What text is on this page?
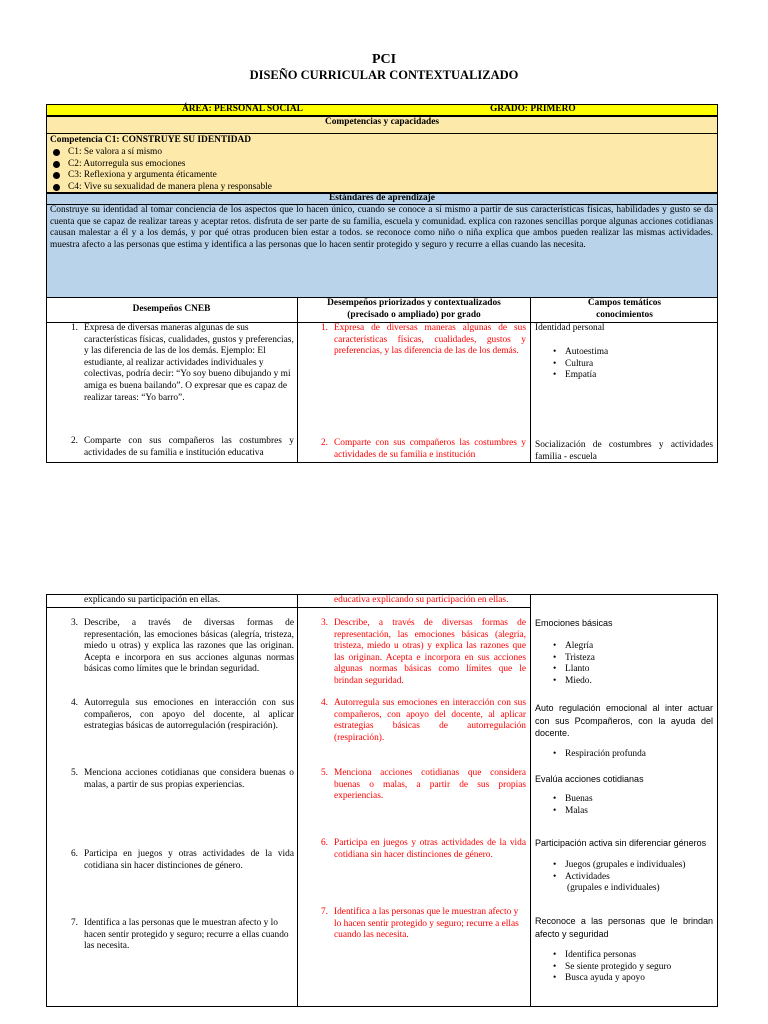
PCI
DISEÑO CURRICULAR CONTEXTUALIZADO
ÁREA: PERSONAL SOCIAL	GRADO: PRIMERO
Competencias y capacidades
Competencia C1: CONSTRUYE SU IDENTIDAD
C1: Se valora a sí mismo
C2: Autorregula sus emociones
C3: Reflexiona y argumenta éticamente
C4: Vive su sexualidad de manera plena y responsable
Estándares de aprendizaje
Construye su identidad al tomar conciencia de los aspectos que lo hacen único, cuando se conoce a sí mismo a partir de sus características físicas, habilidades y gusto se da cuenta que se capaz de realizar tareas y aceptar retos. disfruta de ser parte de su familia, escuela y comunidad. explica con razones sencillas porque algunas acciones cotidianas causan malestar a él y a los demás, y por qué otras producen bien estar a todos. se reconoce como niño o niña explica que ambos pueden realizar las mismas actividades. muestra afecto a las personas que estima y identifica a las personas que lo hacen sentir protegido y seguro y recurre a ellas cuando las necesita.
Desempeños CNEB
Desempeños priorizados y contextualizados
(precisado o ampliado) por grado
Campos temáticos
conocimientos
1. Expresa de diversas maneras algunas de sus características físicas, cualidades, gustos y preferencias, y las diferencia de las de los demás. Ejemplo: El estudiante, al realizar actividades individuales y colectivas, podría decir: “Yo soy bueno dibujando y mi amiga es buena bailando”. O expresar que es capaz de realizar tareas: “Yo barro”.
1. Expresa de diversas maneras algunas de sus características físicas, cualidades, gustos y preferencias, y las diferencia de las de los demás.
Identidad personal
• Autoestima
• Cultura
• Empatía
2. Comparte con sus compañeros las costumbres y actividades de su familia e institución educativa
2. Comparte con sus compañeros las costumbres y actividades de su familia e institución
Socialización de costumbres y actividades familia - escuela
explicando su participación en ellas.	educativa explicando su participación en ellas.
3. Describe, a través de diversas formas de representación, las emociones básicas (alegría, tristeza, miedo u otras) y explica las razones que las originan. Acepta e incorpora en sus acciones algunas normas básicas como límites que le brindan seguridad.
3. Describe, a través de diversas formas de representación, las emociones básicas (alegría, tristeza, miedo u otras) y explica las razones que las originan. Acepta e incorpora en sus acciones algunas normas básicas como límites que le brindan seguridad.
Emociones básicas
• Alegría
• Tristeza
• Llanto
• Miedo.
4. Autorregula sus emociones en interacción con sus compañeros, con apoyo del docente, al aplicar estrategias básicas de autorregulación (respiración).
4. Autorregula sus emociones en interacción con sus compañeros, con apoyo del docente, al aplicar estrategias básicas de autorregulación (respiración).
Auto regulación emocional al inter actuar con sus Pcompañeros, con la ayuda del docente.
• Respiración profunda
5. Menciona acciones cotidianas que considera buenas o malas, a partir de sus propias experiencias.
5. Menciona acciones cotidianas que considera buenas o malas, a partir de sus propias experiencias.
Evalúa acciones cotidianas
• Buenas
• Malas
6. Participa en juegos y otras actividades de la vida cotidiana sin hacer distinciones de género.
6. Participa en juegos y otras actividades de la vida cotidiana sin hacer distinciones de género.
Participación activa sin diferenciar géneros
• Juegos (grupales e individuales)
• Actividades
(grupales e individuales)
7. Identifica a las personas que le muestran afecto y lo hacen sentir protegido y seguro; recurre a ellas cuando las necesita.
7. Identifica a las personas que le muestran afecto y lo hacen sentir protegido y seguro; recurre a ellas cuando las necesita.
Reconoce a las personas que le brindan afecto y seguridad
• Identifica personas
• Se siente protegido y seguro
• Busca ayuda y apoyo
